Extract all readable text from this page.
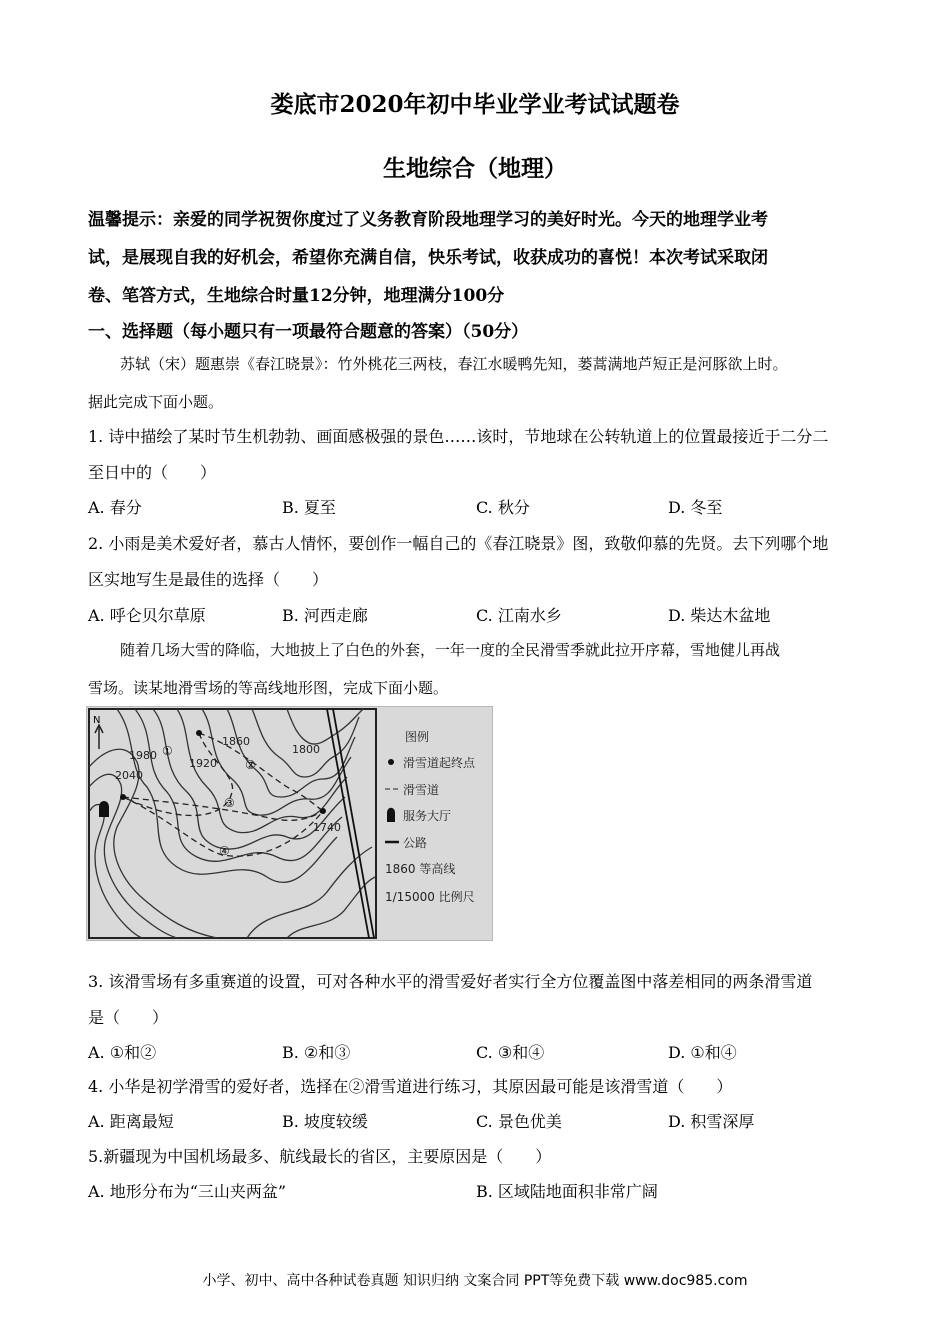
娄底市2020年初中毕业学业考试试题卷
生地综合（地理）
温馨提示：亲爱的同学祝贺你度过了义务教育阶段地理学习的美好时光。今天的地理学业考
试，是展现自我的好机会，希望你充满自信，快乐考试，收获成功的喜悦！本次考试采取闭
卷、笔答方式，生地综合时量12分钟，地理满分100分
一、选择题（每小题只有一项最符合题意的答案）（50分）
苏轼（宋）题惠崇《春江晓景》：竹外桃花三两枝，春江水暖鸭先知，蒌蒿满地芦短正是河豚欲上时。
据此完成下面小题。
1. 诗中描绘了某时节生机勃勃、画面感极强的景色……该时，节地球在公转轨道上的位置最接近于二分二
至日中的（　　）
A. 春分	B. 夏至	C. 秋分	D. 冬至
2. 小雨是美术爱好者，慕古人情怀，要创作一幅自己的《春江晓景》图，致敬仰慕的先贤。去下列哪个地
区实地写生是最佳的选择（　　）
A. 呼仑贝尔草原	B. 河西走廊	C. 江南水乡	D. 柴达木盆地
随着几场大雪的降临，大地披上了白色的外套，一年一度的全民滑雪季就此拉开序幕，雪地健儿再战
雪场。读某地滑雪场的等高线地形图，完成下面小题。
N
1860
1980
1920
1800
2040
1740
①
②
③
④
图例
滑雪道起终点
滑雪道
服务大厅
公路
1860 等高线
1/15000 比例尺
3. 该滑雪场有多重赛道的设置，可对各种水平的滑雪爱好者实行全方位覆盖图中落差相同的两条滑雪道
是（　　）
A. ①和②	B. ②和③	C. ③和④	D. ①和④
4. 小华是初学滑雪的爱好者，选择在②滑雪道进行练习，其原因最可能是该滑雪道（　　）
A. 距离最短	B. 坡度较缓	C. 景色优美	D. 积雪深厚
5.新疆现为中国机场最多、航线最长的省区，主要原因是（　　）
A. 地形分布为“三山夹两盆”	B. 区域陆地面积非常广阔
小学、初中、高中各种试卷真题 知识归纳 文案合同 PPT等免费下载 www.doc985.com
